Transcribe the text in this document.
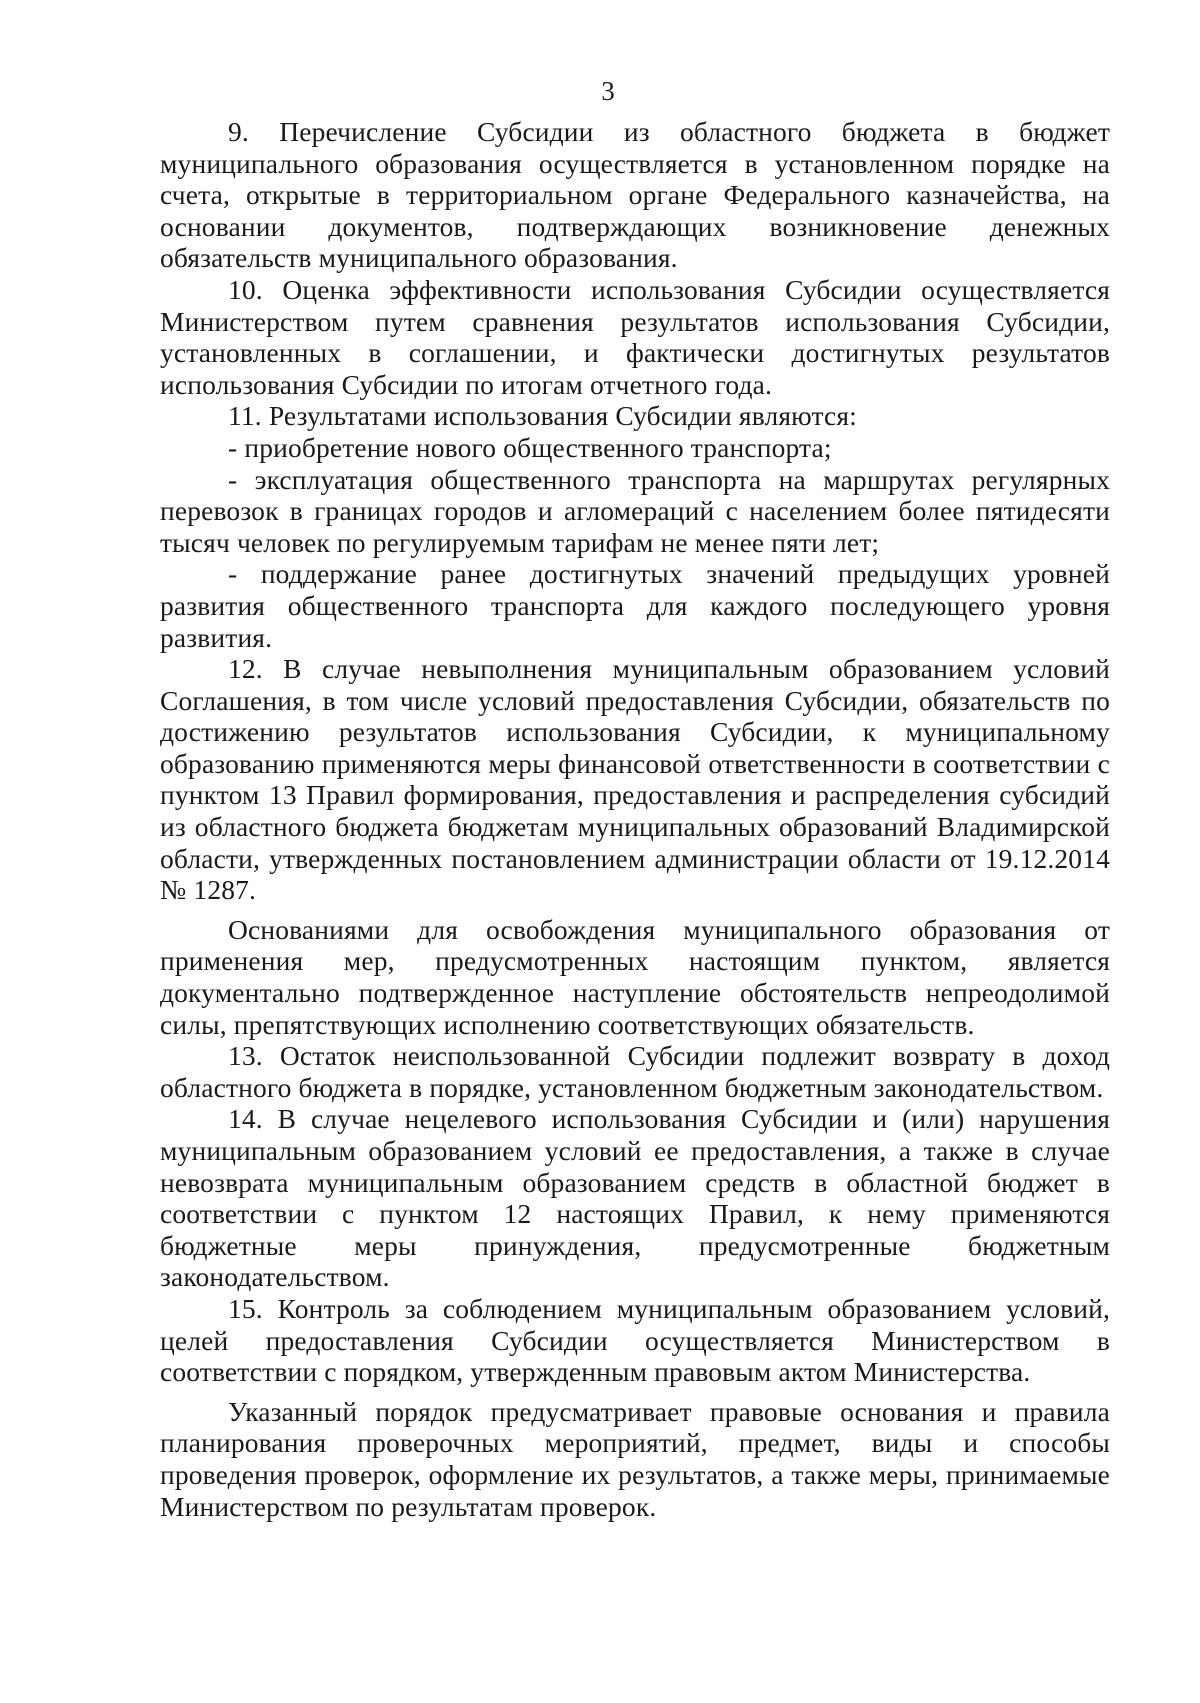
3

9. Перечисление Субсидии из областного бюджета в бюджет муниципального образования осуществляется в установленном порядке на счета, открытые в территориальном органе Федерального казначейства, на основании документов, подтверждающих возникновение денежных обязательств муниципального образования.

10. Оценка эффективности использования Субсидии осуществляется Министерством путем сравнения результатов использования Субсидии, установленных в соглашении, и фактически достигнутых результатов использования Субсидии по итогам отчетного года.

11. Результатами использования Субсидии являются:

- приобретение нового общественного транспорта;

- эксплуатация общественного транспорта на маршрутах регулярных перевозок в границах городов и агломераций с населением более пятидесяти тысяч человек по регулируемым тарифам не менее пяти лет;

- поддержание ранее достигнутых значений предыдущих уровней развития общественного транспорта для каждого последующего уровня развития.

12. В случае невыполнения муниципальным образованием условий Соглашения, в том числе условий предоставления Субсидии, обязательств по достижению результатов использования Субсидии, к муниципальному образованию применяются меры финансовой ответственности в соответствии с пунктом 13 Правил формирования, предоставления и распределения субсидий из областного бюджета бюджетам муниципальных образований Владимирской области, утвержденных постановлением администрации области от 19.12.2014 № 1287.

Основаниями для освобождения муниципального образования от применения мер, предусмотренных настоящим пунктом, является документально подтвержденное наступление обстоятельств непреодолимой силы, препятствующих исполнению соответствующих обязательств.

13. Остаток неиспользованной Субсидии подлежит возврату в доход областного бюджета в порядке, установленном бюджетным законодательством.

14. В случае нецелевого использования Субсидии и (или) нарушения муниципальным образованием условий ее предоставления, а также в случае невозврата муниципальным образованием средств в областной бюджет в соответствии с пунктом 12 настоящих Правил, к нему применяются бюджетные меры принуждения, предусмотренные бюджетным законодательством.

15. Контроль за соблюдением муниципальным образованием условий, целей предоставления Субсидии осуществляется Министерством в соответствии с порядком, утвержденным правовым актом Министерства.

Указанный порядок предусматривает правовые основания и правила планирования проверочных мероприятий, предмет, виды и способы проведения проверок, оформление их результатов, а также меры, принимаемые Министерством по результатам проверок.
